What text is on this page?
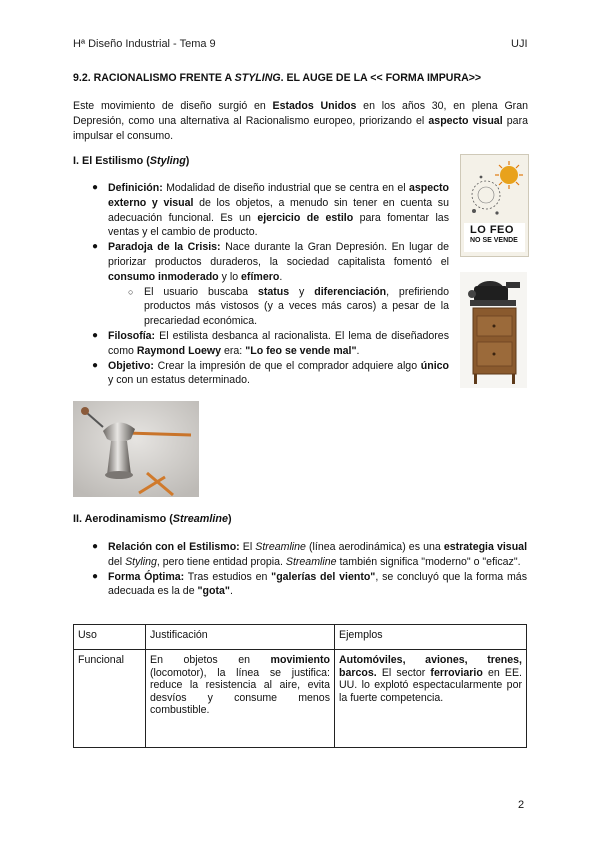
Hª Diseño Industrial - Tema 9	UJI
9.2. RACIONALISMO FRENTE A STYLING. EL AUGE DE LA << FORMA IMPURA>>
Este movimiento de diseño surgió en Estados Unidos en los años 30, en plena Gran Depresión, como una alternativa al Racionalismo europeo, priorizando el aspecto visual para impulsar el consumo.
I. El Estilismo (Styling)
● Definición: Modalidad de diseño industrial que se centra en el aspecto externo y visual de los objetos, a menudo sin tener en cuenta su adecuación funcional. Es un ejercicio de estilo para fomentar las ventas y el cambio de producto.
● Paradoja de la Crisis: Nace durante la Gran Depresión. En lugar de priorizar productos duraderos, la sociedad capitalista fomentó el consumo inmoderado y lo efímero.
○ El usuario buscaba status y diferenciación, prefiriendo productos más vistosos (y a veces más caros) a pesar de la precariedad económica.
● Filosofía: El estilista desbanca al racionalista. El lema de diseñadores como Raymond Loewy era: "Lo feo se vende mal".
● Objetivo: Crear la impresión de que el comprador adquiere algo único y con un estatus determinado.
LO FEO
NO SE VENDE
II. Aerodinamismo (Streamline)
● Relación con el Estilismo: El Streamline (línea aerodinámica) es una estrategia visual del Styling, pero tiene entidad propia. Streamline también significa "moderno" o "eficaz".
● Forma Óptima: Tras estudios en "galerías del viento", se concluyó que la forma más adecuada es la de "gota".
Uso	Justificación	Ejemplos
Funcional	En objetos en movimiento (locomotor), la línea se justifica: reduce la resistencia al aire, evita desvíos y consume menos combustible.	Automóviles, aviones, trenes, barcos. El sector ferroviario en EE. UU. lo explotó espectacularmente por la fuerte competencia.
2
